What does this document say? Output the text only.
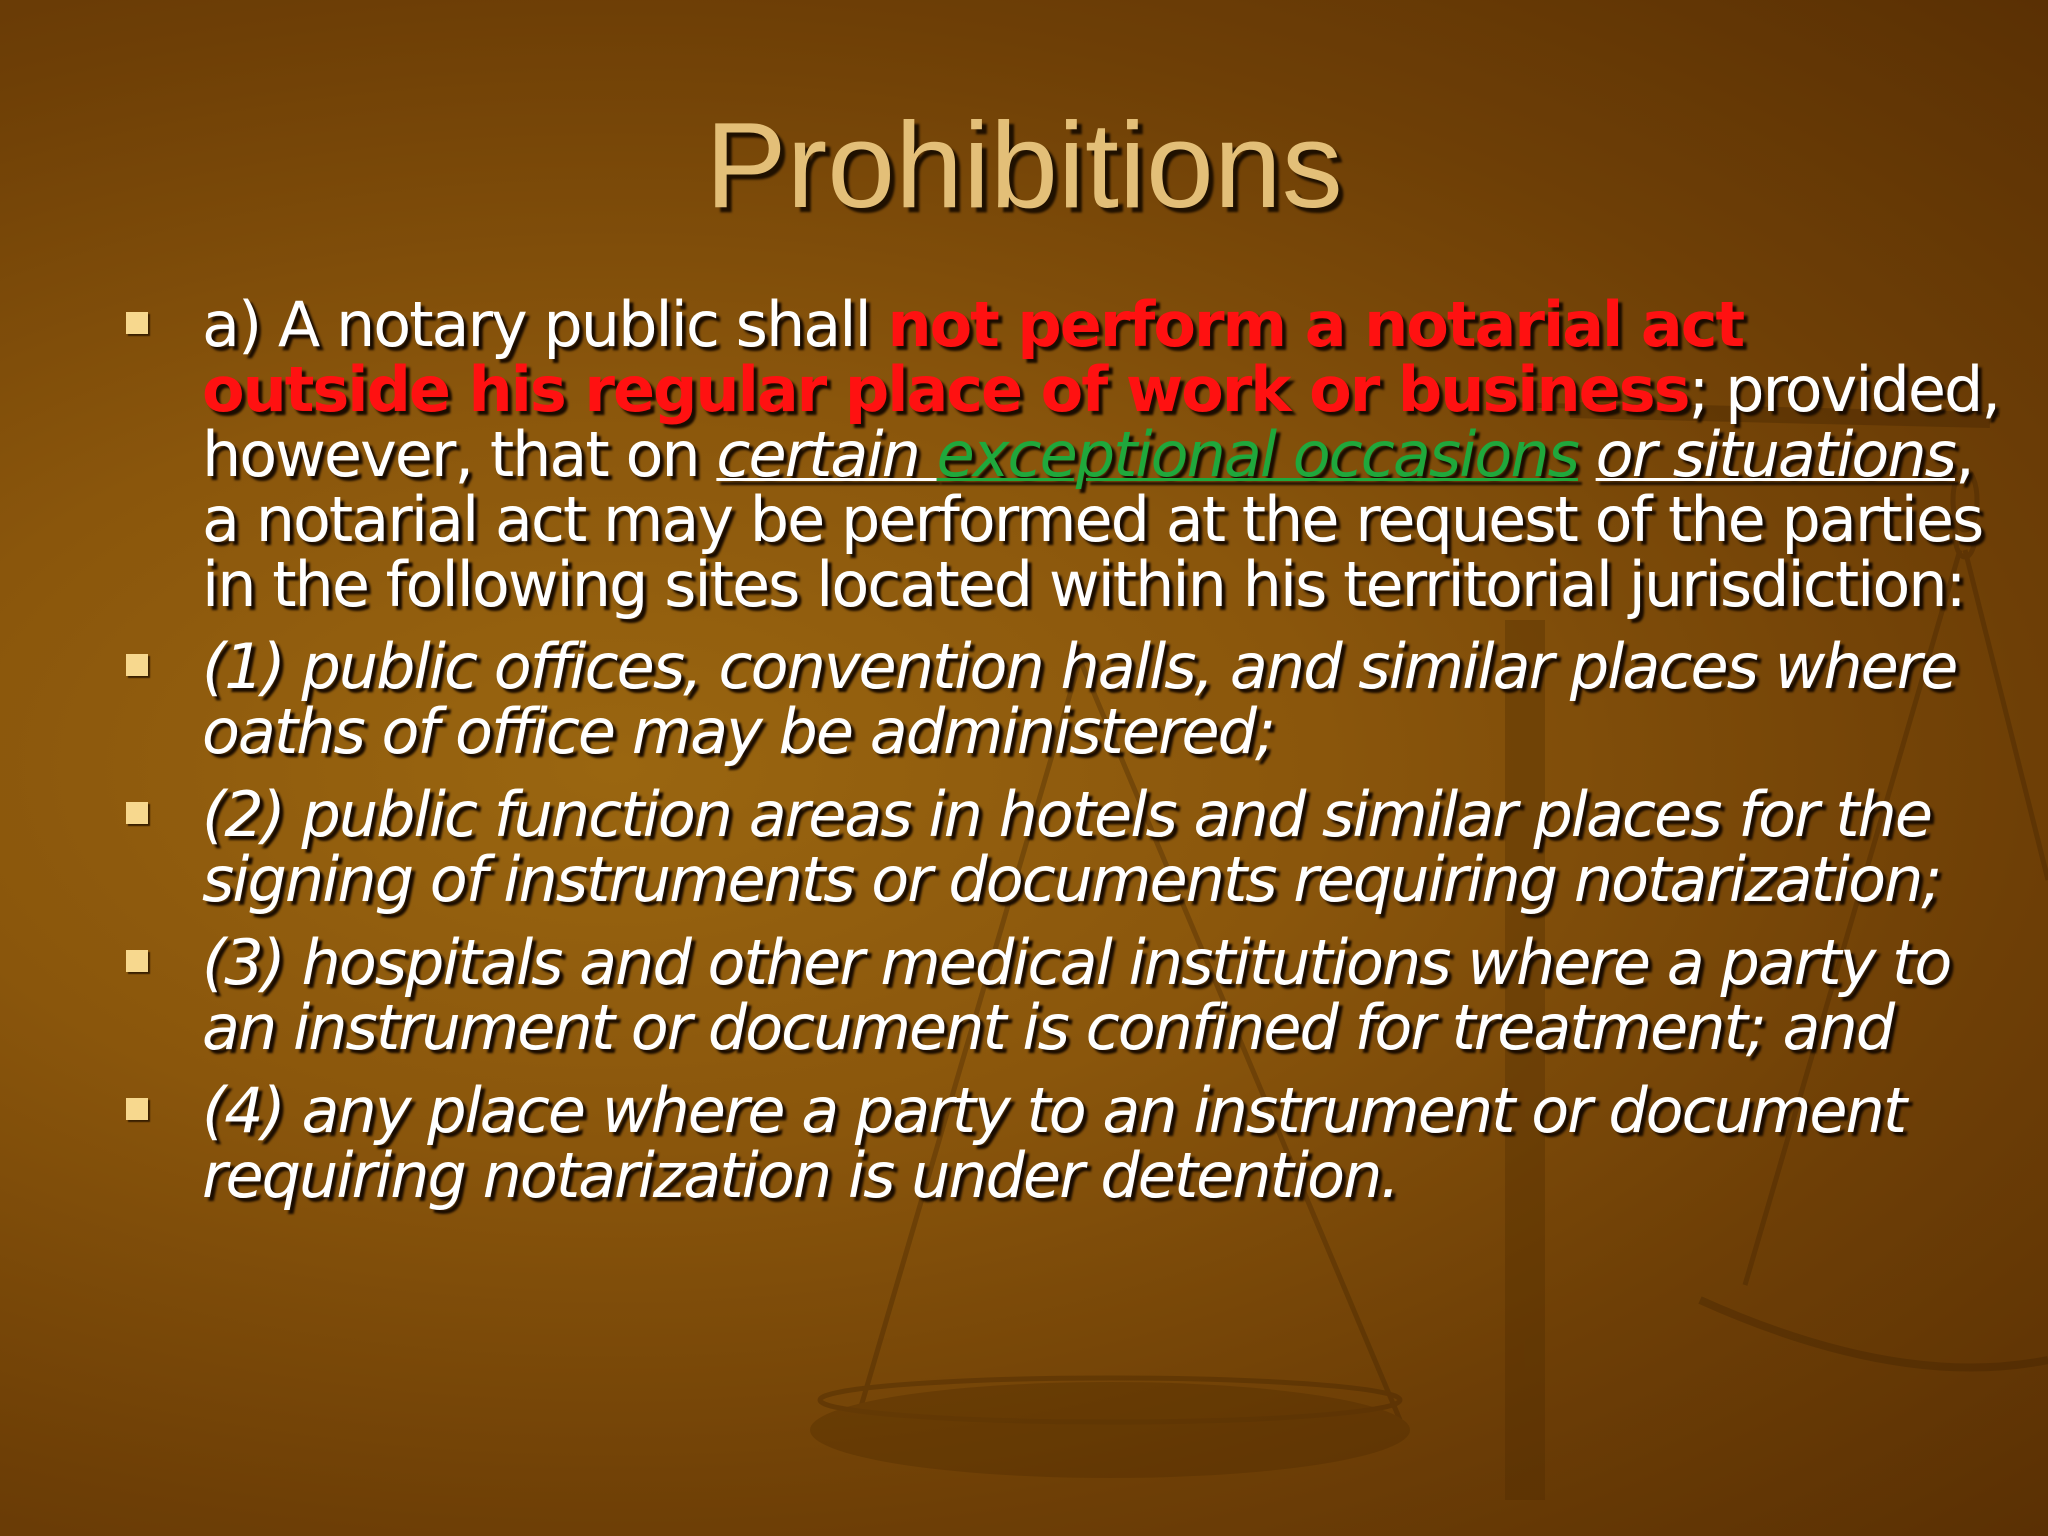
Prohibitions
a) A notary public shall not perform a notarial act outside his regular place of work or business; provided, however, that on certain exceptional occasions or situations, a notarial act may be performed at the request of the parties in the following sites located within his territorial jurisdiction:
(1) public offices, convention halls, and similar places where oaths of office may be administered;
(2) public function areas in hotels and similar places for the signing of instruments or documents requiring notarization;
(3) hospitals and other medical institutions where a party to an instrument or document is confined for treatment; and
(4) any place where a party to an instrument or document requiring notarization is under detention.
